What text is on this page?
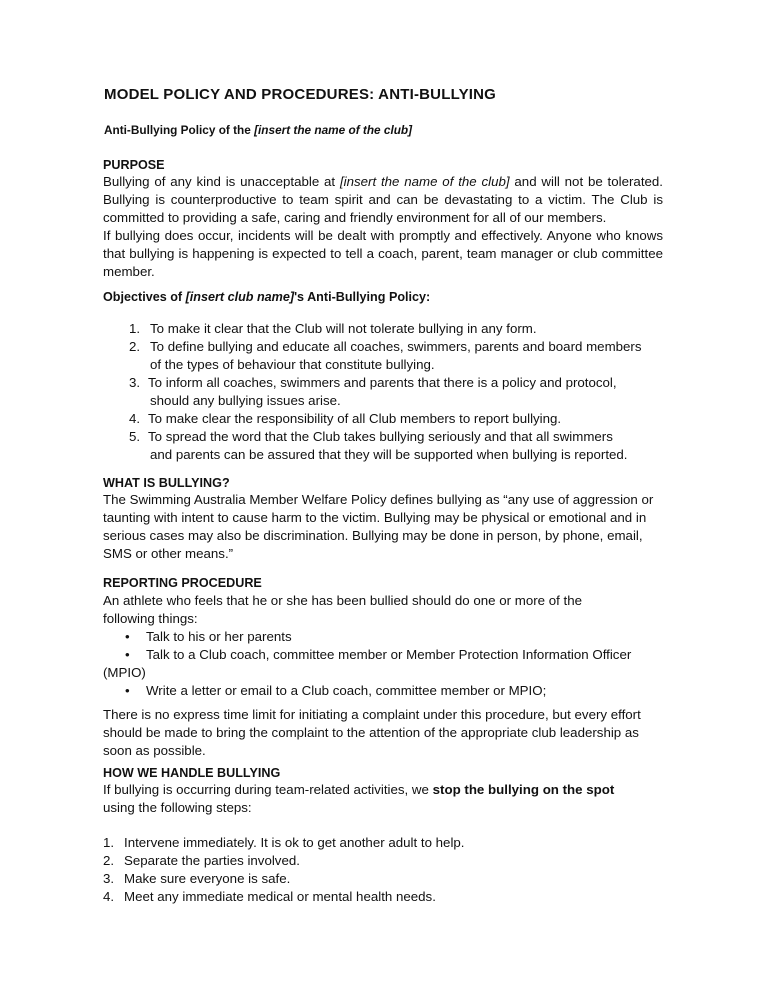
MODEL POLICY AND PROCEDURES: ANTI-BULLYING
Anti-Bullying Policy of the [insert the name of the club]
PURPOSE

Bullying of any kind is unacceptable at [insert the name of the club] and will not be tolerated. Bullying is counterproductive to team spirit and can be devastating to a victim. The Club is committed to providing a safe, caring and friendly environment for all of our members.

If bullying does occur, incidents will be dealt with promptly and effectively. Anyone who knows that bullying is happening is expected to tell a coach, parent, team manager or club committee member.

Objectives of [insert club name]'s Anti-Bullying Policy:
1. To make it clear that the Club will not tolerate bullying in any form.
2. To define bullying and educate all coaches, swimmers, parents and board members
of the types of behaviour that constitute bullying.
3. To inform all coaches, swimmers and parents that there is a policy and protocol,
should any bullying issues arise.
4. To make clear the responsibility of all Club members to report bullying.
5. To spread the word that the Club takes bullying seriously and that all swimmers
and parents can be assured that they will be supported when bullying is reported.
WHAT IS BULLYING?
The Swimming Australia Member Welfare Policy defines bullying as “any use of aggression or taunting with intent to cause harm to the victim. Bullying may be physical or emotional and in serious cases may also be discrimination. Bullying may be done in person, by phone, email, SMS or other means.”
REPORTING PROCEDURE
An athlete who feels that he or she has been bullied should do one or more of the
following things:
• Talk to his or her parents
• Talk to a Club coach, committee member or Member Protection Information Officer
(MPIO)
• Write a letter or email to a Club coach, committee member or MPIO;
There is no express time limit for initiating a complaint under this procedure, but every effort
should be made to bring the complaint to the attention of the appropriate club leadership as
soon as possible.
HOW WE HANDLE BULLYING
If bullying is occurring during team-related activities, we stop the bullying on the spot
using the following steps:
1. Intervene immediately. It is ok to get another adult to help.
2. Separate the parties involved.
3. Make sure everyone is safe.
4. Meet any immediate medical or mental health needs.
